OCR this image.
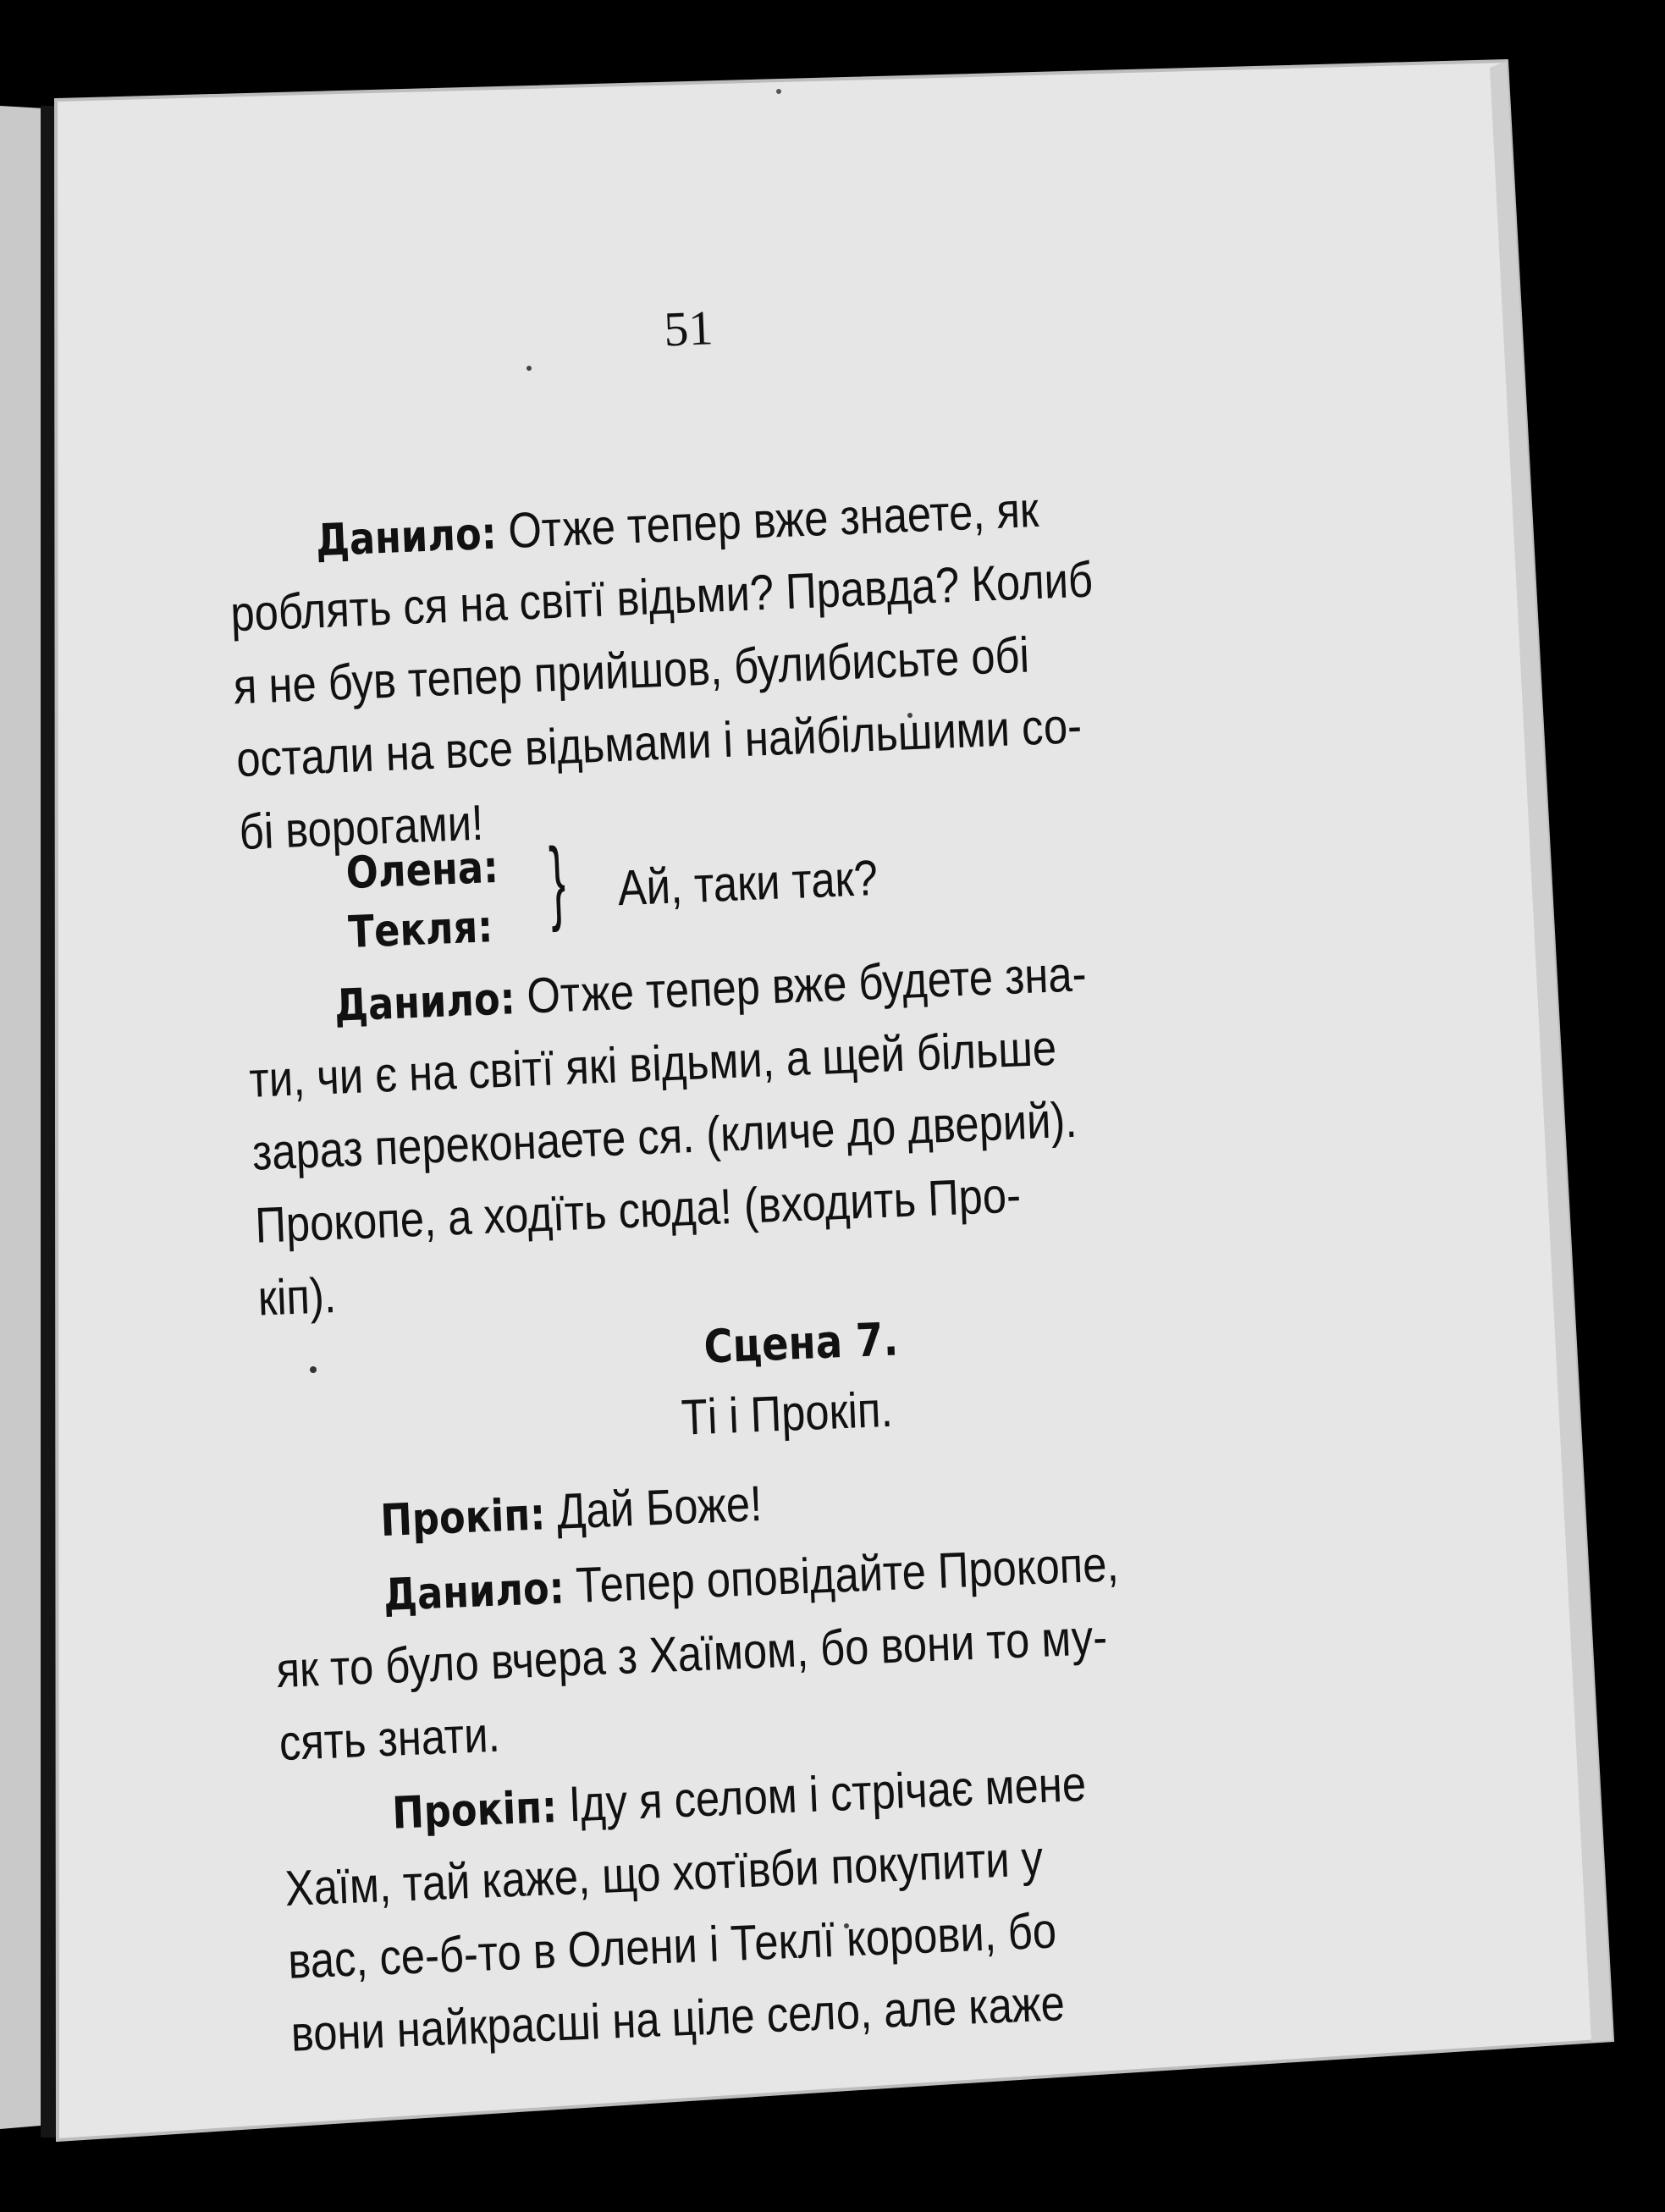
51
Данило: Отже тепер вже знаете, як
роблять ся на світї відьми? Правда? Колиб
я не був тепер прийшов, булибисьте обі
остали на все відьмами і найбільшими со-
бі ворогами!
Олена:
Текля: } Ай, таки так?
Данило: Отже тепер вже будете зна-
ти, чи є на світї які відьми, а щей більше
зараз переконаете ся. (кличе до дверий).
Прокопе, а ходїть сюда! (входить Про-
кіп).
Сцена 7.
Ті і Прокіп.
Прокіп: Дай Боже!
Данило: Тепер оповідайте Прокопе,
як то було вчера з Хаїмом, бо вони то му-
сять знати.
Прокіп: Іду я селом і стрічає мене
Хаїм, тай каже, що хотївби покупити у
вас, се-б-то в Олени і Теклї корови, бо
вони найкрасші на ціле село, але каже
